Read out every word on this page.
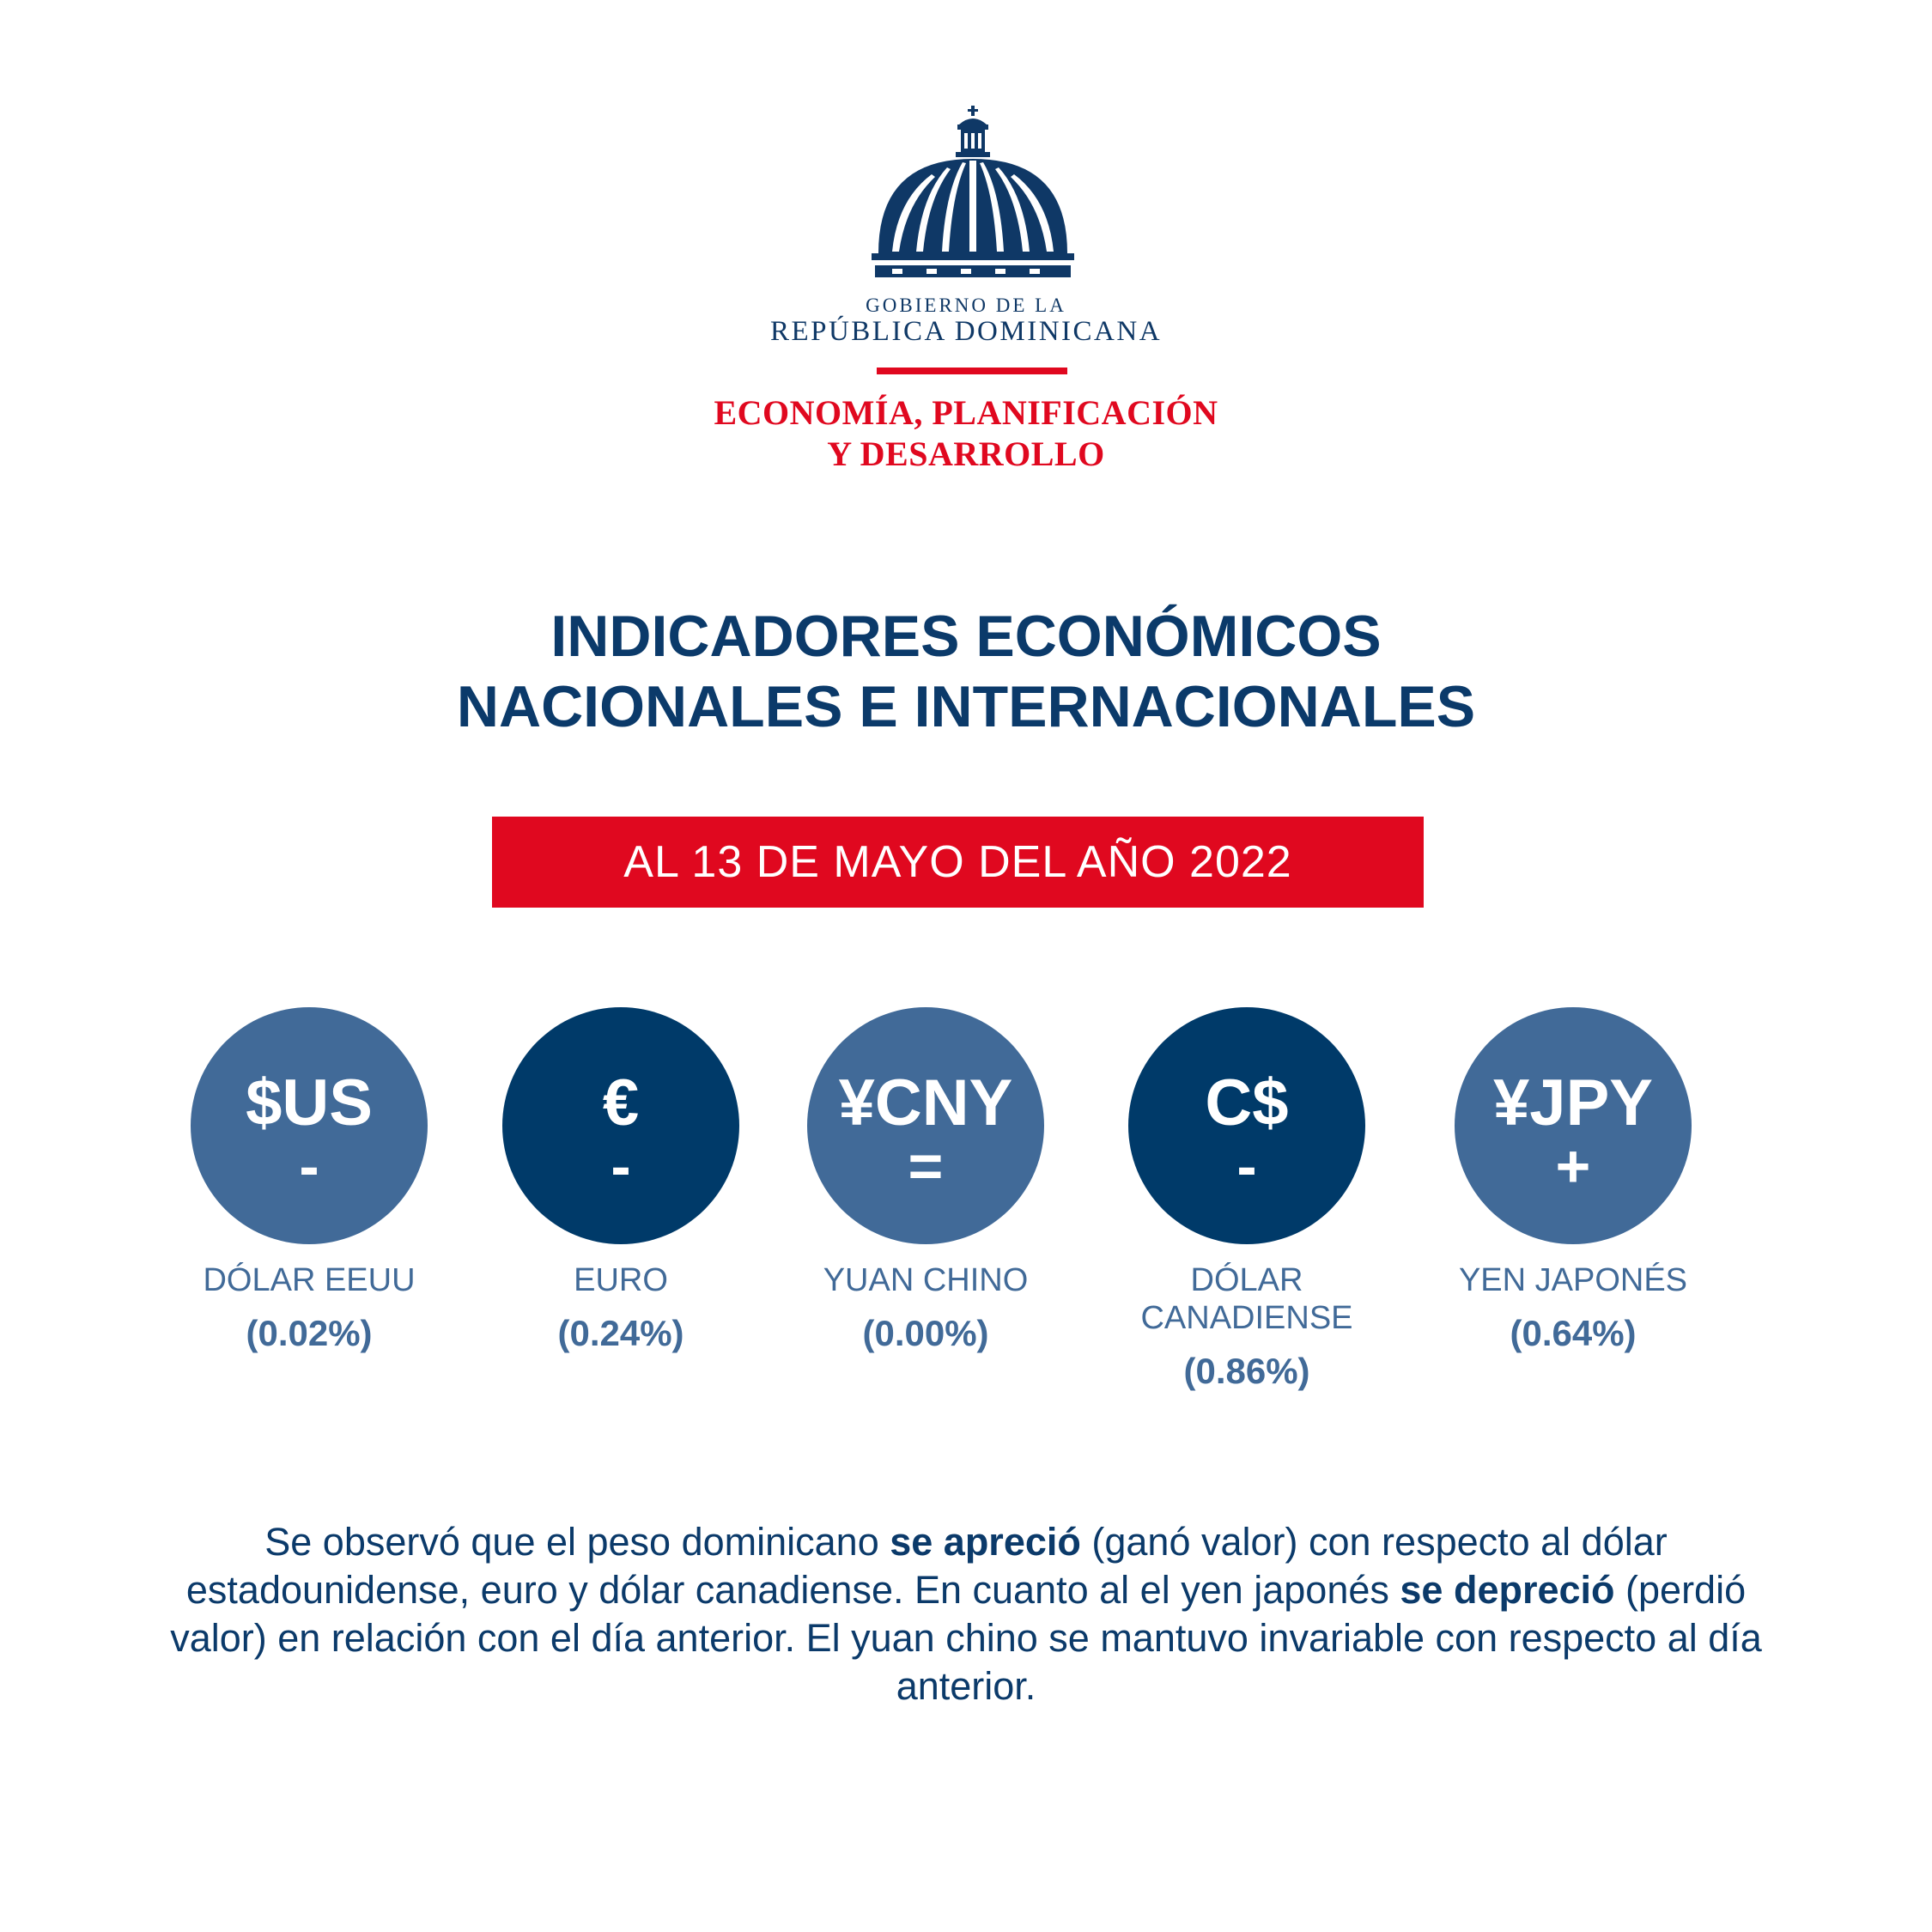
GOBIERNO DE LA
REPÚBLICA DOMINICANA
ECONOMÍA, PLANIFICACIÓN
Y DESARROLLO
INDICADORES ECONÓMICOS
NACIONALES E INTERNACIONALES
AL 13 DE MAYO DEL AÑO 2022
$US
-
DÓLAR EEUU
(0.02%)
€
-
EURO
(0.24%)
¥CNY
=
YUAN CHINO
(0.00%)
C$
-
DÓLAR CANADIENSE
(0.86%)
¥JPY
+
YEN JAPONÉS
(0.64%)
Se observó que el peso dominicano se apreció (ganó valor) con respecto al dólar estadounidense, euro y dólar canadiense. En cuanto al el yen japonés se depreció (perdió valor) en relación con el día anterior. El yuan chino se mantuvo invariable con respecto al día anterior.
